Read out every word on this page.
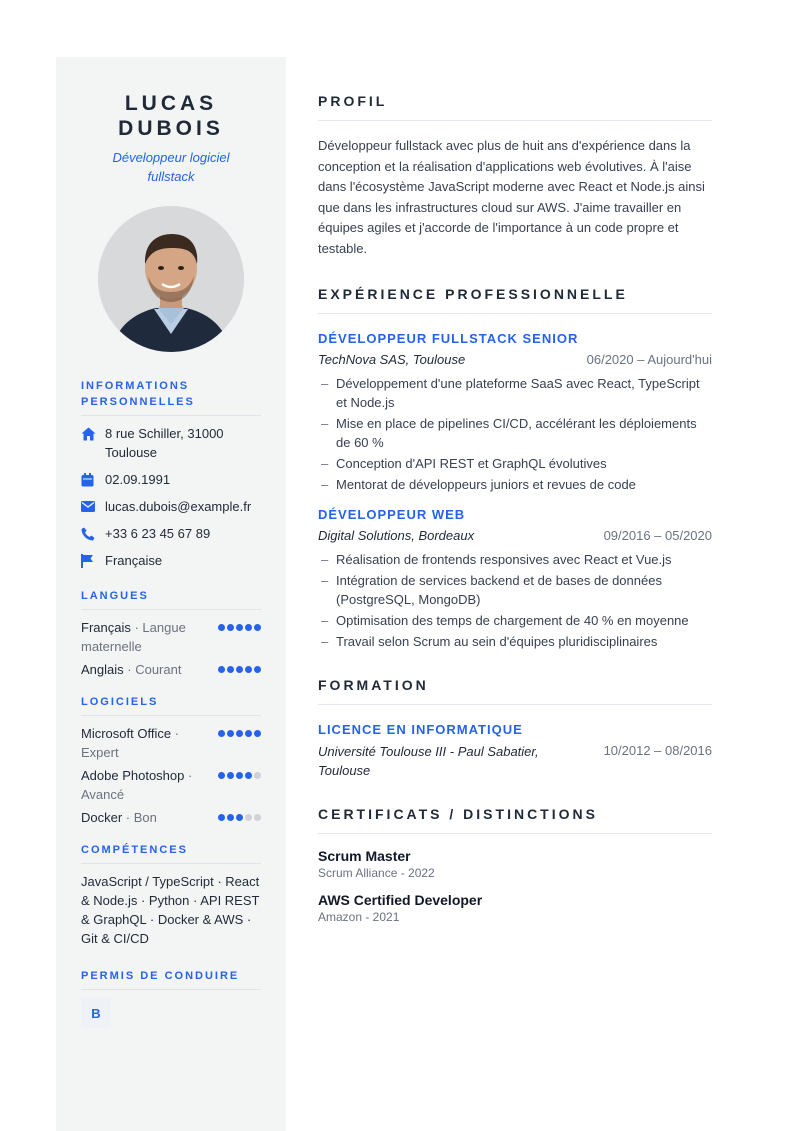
LUCAS
DUBOIS
Développeur logiciel fullstack
INFORMATIONS PERSONNELLES
8 rue Schiller, 31000 Toulouse
02.09.1991
lucas.dubois@example.fr
+33 6 23 45 67 89
Française
LANGUES
Français · Langue maternelle
Anglais · Courant
LOGICIELS
Microsoft Office · Expert
Adobe Photoshop · Avancé
Docker · Bon
COMPÉTENCES
JavaScript / TypeScript · React & Node.js · Python · API REST & GraphQL · Docker & AWS · Git & CI/CD
PERMIS DE CONDUIRE
B
PROFIL
Développeur fullstack avec plus de huit ans d'expérience dans la conception et la réalisation d'applications web évolutives. À l'aise dans l'écosystème JavaScript moderne avec React et Node.js ainsi que dans les infrastructures cloud sur AWS. J'aime travailler en équipes agiles et j'accorde de l'importance à un code propre et testable.
EXPÉRIENCE PROFESSIONNELLE
DÉVELOPPEUR FULLSTACK SENIOR
TechNova SAS, Toulouse	06/2020 – Aujourd'hui
– Développement d'une plateforme SaaS avec React, TypeScript et Node.js
– Mise en place de pipelines CI/CD, accélérant les déploiements de 60 %
– Conception d'API REST et GraphQL évolutives
– Mentorat de développeurs juniors et revues de code
DÉVELOPPEUR WEB
Digital Solutions, Bordeaux	09/2016 – 05/2020
– Réalisation de frontends responsives avec React et Vue.js
– Intégration de services backend et de bases de données (PostgreSQL, MongoDB)
– Optimisation des temps de chargement de 40 % en moyenne
– Travail selon Scrum au sein d'équipes pluridisciplinaires
FORMATION
LICENCE EN INFORMATIQUE
Université Toulouse III - Paul Sabatier, Toulouse
10/2012 – 08/2016
CERTIFICATS / DISTINCTIONS
Scrum Master
Scrum Alliance - 2022
AWS Certified Developer
Amazon - 2021
